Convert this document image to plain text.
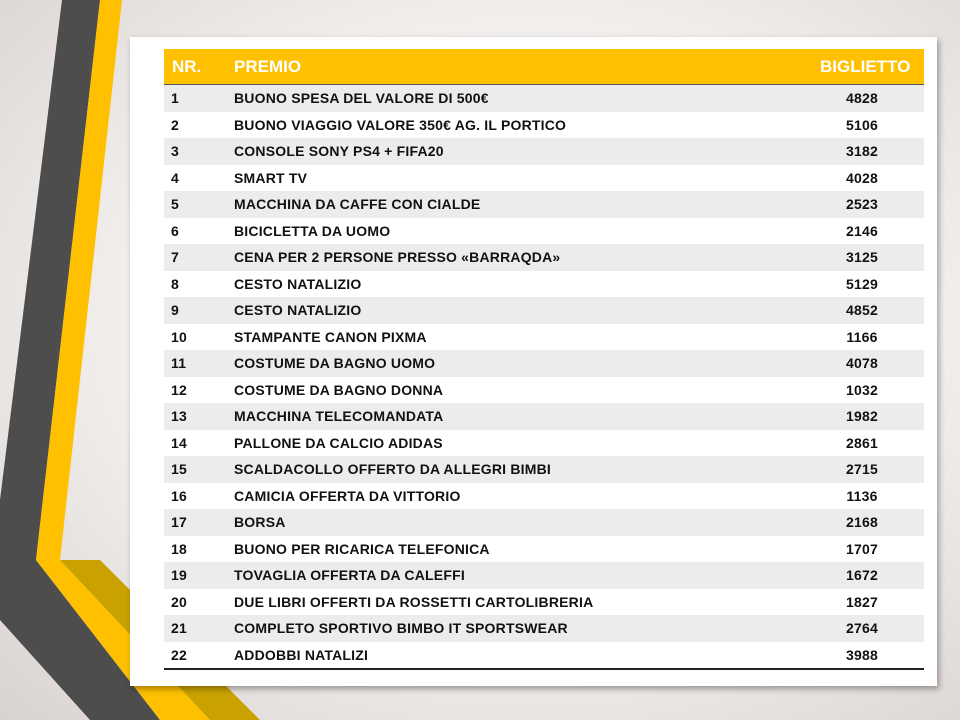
NR.	PREMIO	BIGLIETTO
1	BUONO SPESA DEL VALORE DI 500€	4828
2	BUONO VIAGGIO VALORE 350€ AG. IL PORTICO	5106
3	CONSOLE SONY PS4 + FIFA20	3182
4	SMART TV	4028
5	MACCHINA DA CAFFE CON CIALDE	2523
6	BICICLETTA DA UOMO	2146
7	CENA PER 2 PERSONE PRESSO «BARRAQDA»	3125
8	CESTO NATALIZIO	5129
9	CESTO NATALIZIO	4852
10	STAMPANTE CANON PIXMA	1166
11	COSTUME DA BAGNO UOMO	4078
12	COSTUME DA BAGNO DONNA	1032
13	MACCHINA TELECOMANDATA	1982
14	PALLONE DA CALCIO ADIDAS	2861
15	SCALDACOLLO OFFERTO DA ALLEGRI BIMBI	2715
16	CAMICIA OFFERTA DA VITTORIO	1136
17	BORSA	2168
18	BUONO PER RICARICA TELEFONICA	1707
19	TOVAGLIA OFFERTA DA CALEFFI	1672
20	DUE LIBRI OFFERTI DA ROSSETTI CARTOLIBRERIA	1827
21	COMPLETO SPORTIVO BIMBO IT SPORTSWEAR	2764
22	ADDOBBI NATALIZI	3988
